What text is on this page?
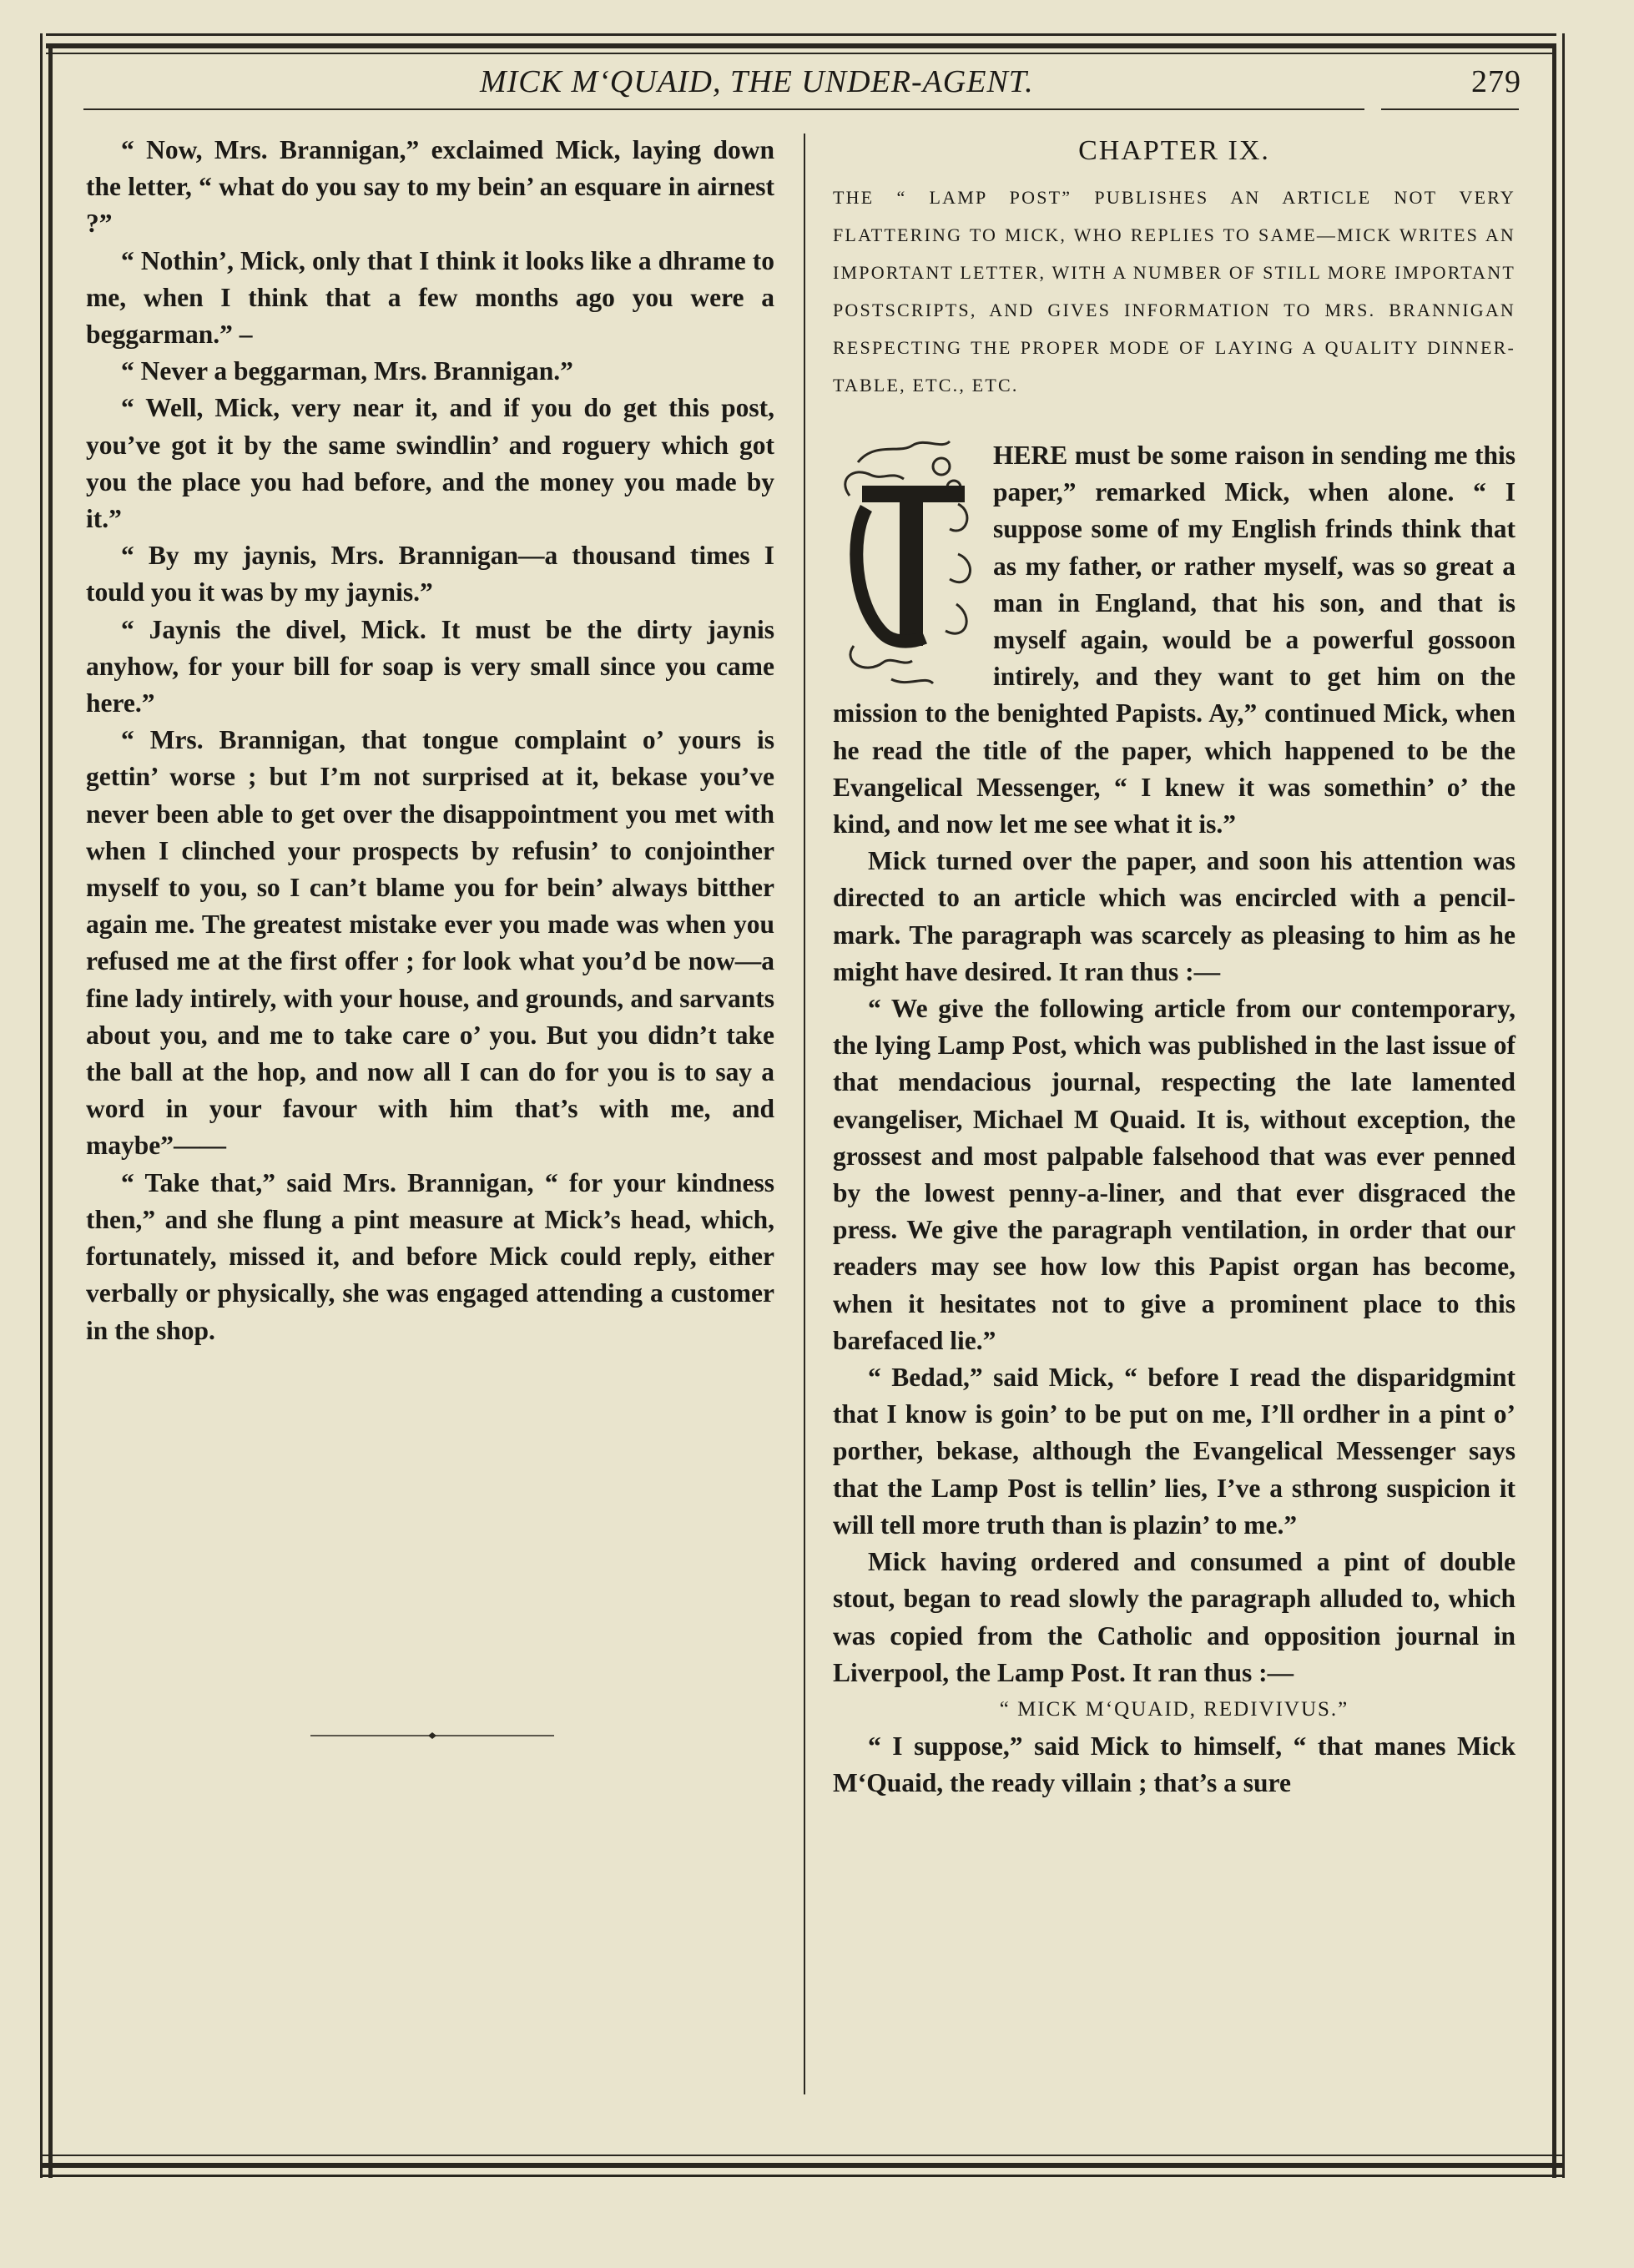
MICK M‘QUAID, THE UNDER-AGENT.	279

“ Now, Mrs. Brannigan,” exclaimed Mick, laying down the letter, “ what do you say to my bein’ an esquare in airnest ?”

“ Nothin’, Mick, only that I think it looks like a dhrame to me, when I think that a few months ago you were a beggarman.” –

“ Never a beggarman, Mrs. Brannigan.”

“ Well, Mick, very near it, and if you do get this post, you’ve got it by the same swindlin’ and roguery which got you the place you had before, and the money you made by it.”

“ By my jaynis, Mrs. Brannigan—a thousand times I tould you it was by my jaynis.”

“ Jaynis the divel, Mick. It must be the dirty jaynis anyhow, for your bill for soap is very small since you came here.”

“ Mrs. Brannigan, that tongue complaint o’ yours is gettin’ worse ; but I’m not surprised at it, bekase you’ve never been able to get over the disappointment you met with when I clinched your prospects by refusin’ to conjointher myself to you, so I can’t blame you for bein’ always bitther again me. The greatest mistake ever you made was when you refused me at the first offer ; for look what you’d be now—a fine lady intirely, with your house, and grounds, and sarvants about you, and me to take care o’ you. But you didn’t take the ball at the hop, and now all I can do for you is to say a word in your favour with him that’s with me, and maybe”——

“ Take that,” said Mrs. Brannigan, “ for your kindness then,” and she flung a pint measure at Mick’s head, which, fortunately, missed it, and before Mick could reply, either verbally or physically, she was engaged attending a customer in the shop.

CHAPTER IX.
THE “ LAMP POST” PUBLISHES AN ARTICLE NOT VERY FLATTERING TO MICK, WHO REPLIES TO SAME—MICK WRITES AN IMPORTANT LETTER, WITH A NUMBER OF STILL MORE IMPORTANT POSTSCRIPTS, AND GIVES INFORMATION TO MRS. BRANNIGAN RESPECTING THE PROPER MODE OF LAYING A QUALITY DINNER-TABLE, ETC., ETC.

HERE must be some raison in sending me this paper,” remarked Mick, when alone. “ I suppose some of my English frinds think that as my father, or rather myself, was so great a man in England, that his son, and that is myself again, would be a powerful gossoon intirely, and they want to get him on the mission to the benighted Papists. Ay,” continued Mick, when he read the title of the paper, which happened to be the Evangelical Messenger, “ I knew it was somethin’ o’ the kind, and now let me see what it is.”

Mick turned over the paper, and soon his attention was directed to an article which was encircled with a pencil-mark. The paragraph was scarcely as pleasing to him as he might have desired. It ran thus :—

“ We give the following article from our contemporary, the lying Lamp Post, which was published in the last issue of that mendacious journal, respecting the late lamented evangeliser, Michael M Quaid. It is, without exception, the grossest and most palpable falsehood that was ever penned by the lowest penny-a-liner, and that ever disgraced the press. We give the paragraph ventilation, in order that our readers may see how low this Papist organ has become, when it hesitates not to give a prominent place to this barefaced lie.”

“ Bedad,” said Mick, “ before I read the disparidgmint that I know is goin’ to be put on me, I’ll ordher in a pint o’ porther, bekase, although the Evangelical Messenger says that the Lamp Post is tellin’ lies, I’ve a sthrong suspicion it will tell more truth than is plazin’ to me.”

Mick having ordered and consumed a pint of double stout, began to read slowly the paragraph alluded to, which was copied from the Catholic and opposition journal in Liverpool, the Lamp Post. It ran thus :—

“ MICK M‘QUAID, REDIVIVUS.”

“ I suppose,” said Mick to himself, “ that manes Mick M‘Quaid, the ready villain ; that’s a sure
